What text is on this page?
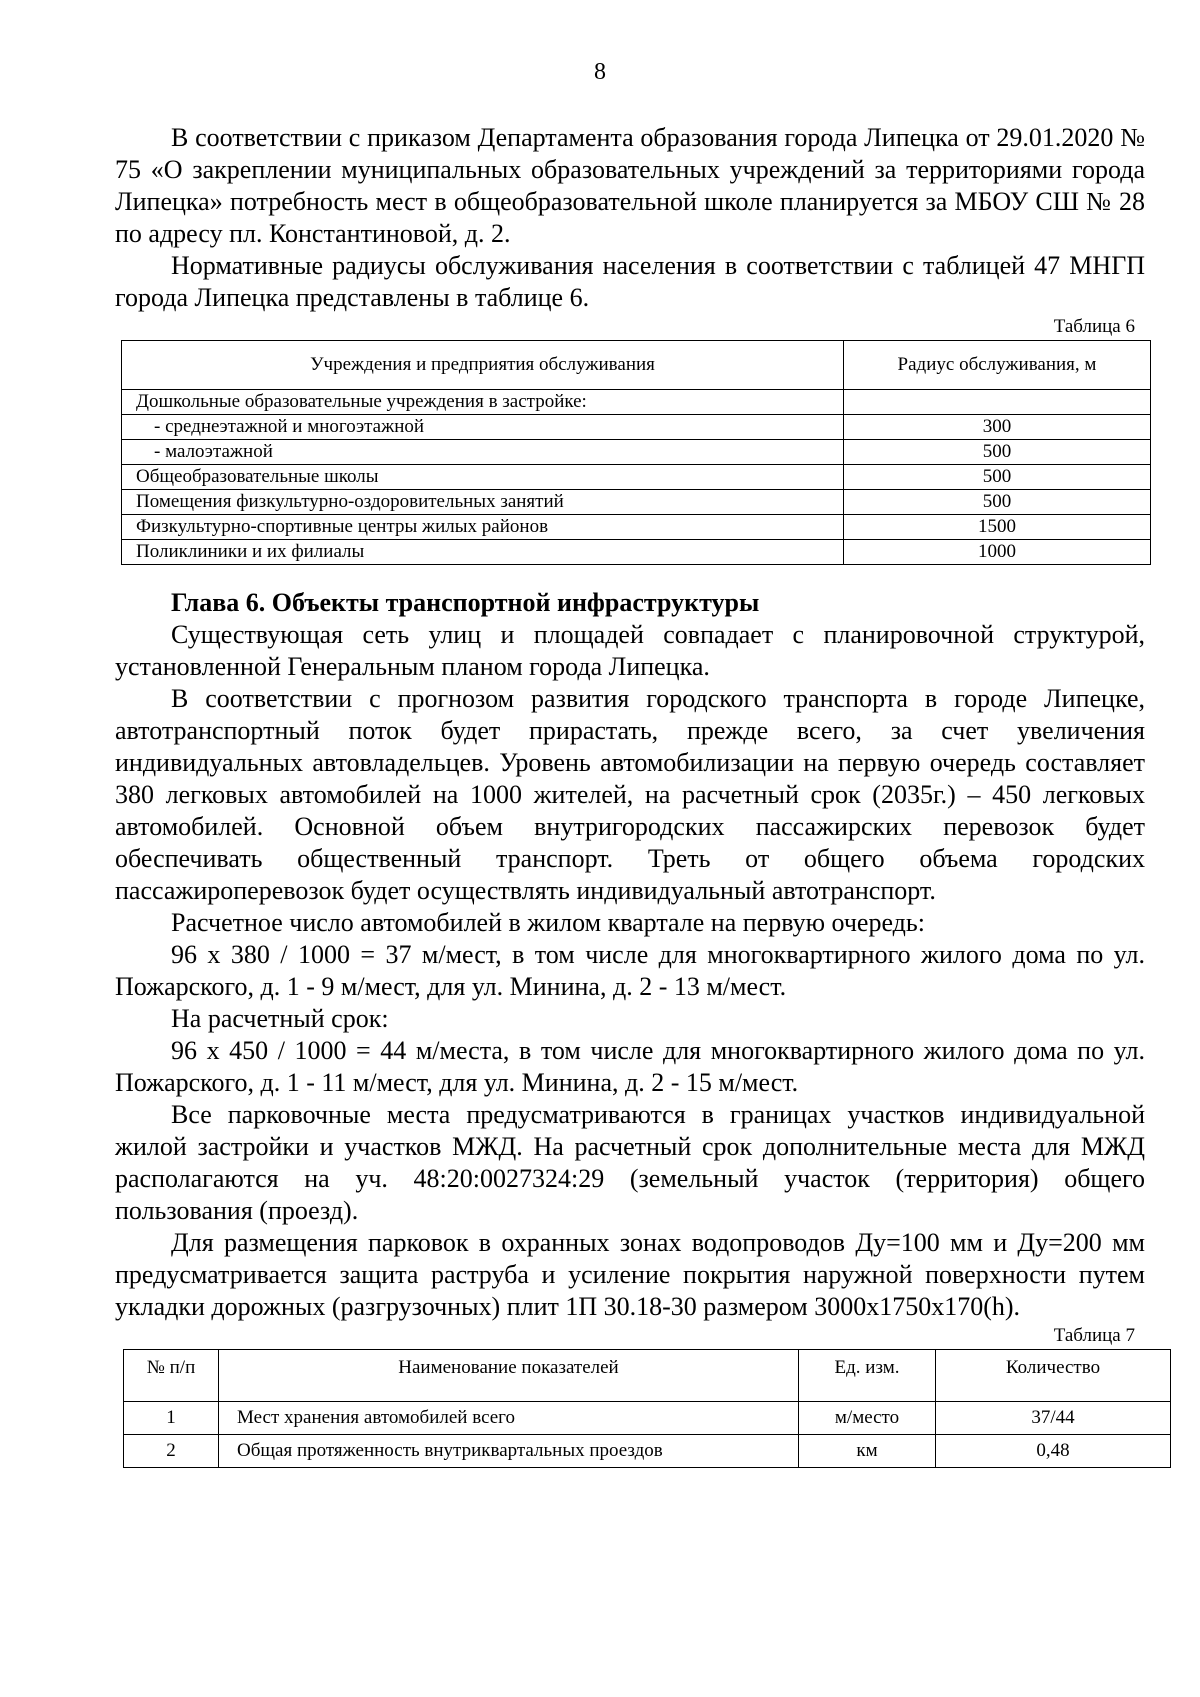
8

В соответствии с приказом Департамента образования города Липецка от 29.01.2020 № 75 «О закреплении муниципальных образовательных учреждений за территориями города Липецка» потребность мест в общеобразовательной школе планируется за МБОУ СШ № 28 по адресу пл. Константиновой, д. 2.

Нормативные радиусы обслуживания населения в соответствии с таблицей 47 МНГП города Липецка представлены в таблице 6.

Таблица 6
Учреждения и предприятия обслуживания	Радиус обслуживания, м
Дошкольные образовательные учреждения в застройке:	
- среднеэтажной и многоэтажной	300
- малоэтажной	500
Общеобразовательные школы	500
Помещения физкультурно-оздоровительных занятий	500
Физкультурно-спортивные центры жилых районов	1500
Поликлиники и их филиалы	1000
Глава 6. Объекты транспортной инфраструктуры

Существующая сеть улиц и площадей совпадает с планировочной структурой, установленной Генеральным планом города Липецка.

В соответствии с прогнозом развития городского транспорта в городе Липецке, автотранспортный поток будет прирастать, прежде всего, за счет увеличения индивидуальных автовладельцев. Уровень автомобилизации на первую очередь составляет 380 легковых автомобилей на 1000 жителей, на расчетный срок (2035г.) – 450 легковых автомобилей. Основной объем внутригородских пассажирских перевозок будет обеспечивать общественный транспорт. Треть от общего объема городских пассажироперевозок будет осуществлять индивидуальный автотранспорт.

Расчетное число автомобилей в жилом квартале на первую очередь:

96 х 380 / 1000 = 37 м/мест, в том числе для многоквартирного жилого дома по ул. Пожарского, д. 1 - 9 м/мест, для ул. Минина, д. 2 - 13 м/мест.

На расчетный срок:

96 х 450 / 1000 = 44 м/места, в том числе для многоквартирного жилого дома по ул. Пожарского, д. 1 - 11 м/мест, для ул. Минина, д. 2 - 15 м/мест.

Все парковочные места предусматриваются в границах участков индивидуальной жилой застройки и участков МЖД. На расчетный срок дополнительные места для МЖД располагаются на уч. 48:20:0027324:29 (земельный участок (территория) общего пользования (проезд).

Для размещения парковок в охранных зонах водопроводов Ду=100 мм и Ду=200 мм предусматривается защита раструба и усиление покрытия наружной поверхности путем укладки дорожных (разгрузочных) плит 1П 30.18-30 размером 3000х1750х170(h).

Таблица 7
№ п/п	Наименование показателей	Ед. изм.	Количество
1	Мест хранения автомобилей всего	м/место	37/44
2	Общая протяженность внутриквартальных проездов	км	0,48
